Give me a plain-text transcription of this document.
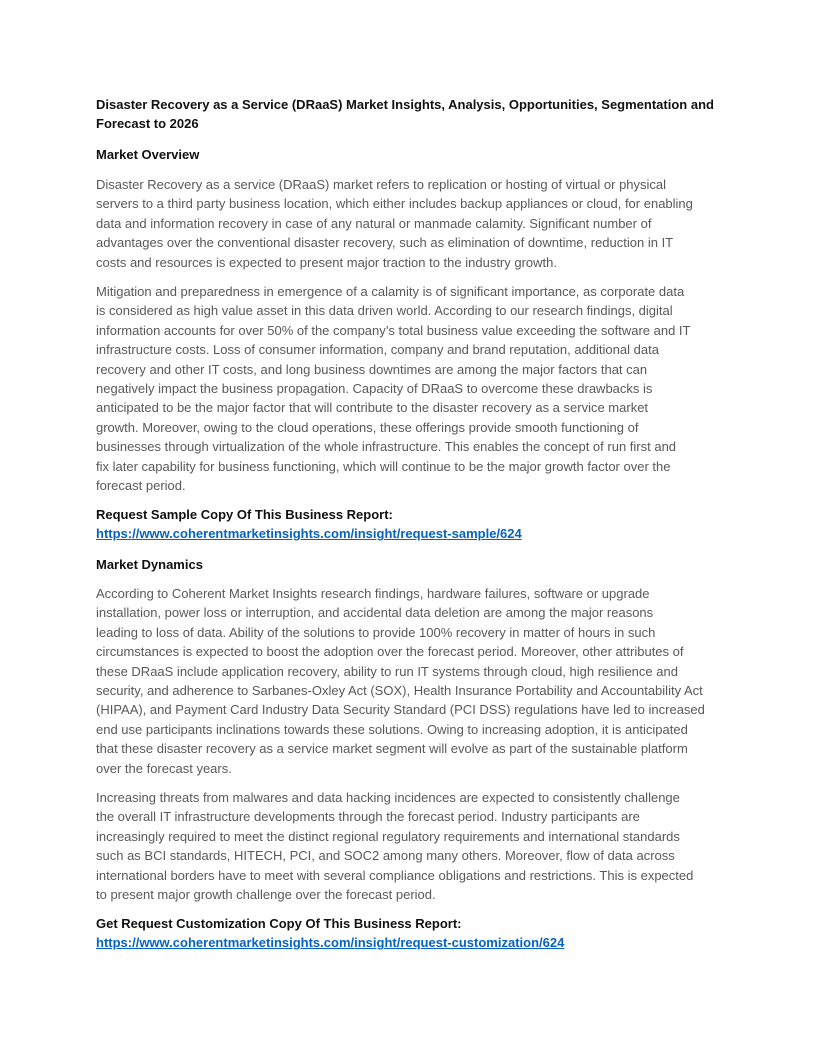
Disaster Recovery as a Service (DRaaS) Market Insights, Analysis, Opportunities, Segmentation and
Forecast to 2026
Market Overview
Disaster Recovery as a service (DRaaS) market refers to replication or hosting of virtual or physical
servers to a third party business location, which either includes backup appliances or cloud, for enabling
data and information recovery in case of any natural or manmade calamity. Significant number of
advantages over the conventional disaster recovery, such as elimination of downtime, reduction in IT
costs and resources is expected to present major traction to the industry growth.
Mitigation and preparedness in emergence of a calamity is of significant importance, as corporate data
is considered as high value asset in this data driven world. According to our research findings, digital
information accounts for over 50% of the company’s total business value exceeding the software and IT
infrastructure costs. Loss of consumer information, company and brand reputation, additional data
recovery and other IT costs, and long business downtimes are among the major factors that can
negatively impact the business propagation. Capacity of DRaaS to overcome these drawbacks is
anticipated to be the major factor that will contribute to the disaster recovery as a service market
growth. Moreover, owing to the cloud operations, these offerings provide smooth functioning of
businesses through virtualization of the whole infrastructure. This enables the concept of run first and
fix later capability for business functioning, which will continue to be the major growth factor over the
forecast period.
Request Sample Copy Of This Business Report:
https://www.coherentmarketinsights.com/insight/request-sample/624
Market Dynamics
According to Coherent Market Insights research findings, hardware failures, software or upgrade
installation, power loss or interruption, and accidental data deletion are among the major reasons
leading to loss of data. Ability of the solutions to provide 100% recovery in matter of hours in such
circumstances is expected to boost the adoption over the forecast period. Moreover, other attributes of
these DRaaS include application recovery, ability to run IT systems through cloud, high resilience and
security, and adherence to Sarbanes-Oxley Act (SOX), Health Insurance Portability and Accountability Act
(HIPAA), and Payment Card Industry Data Security Standard (PCI DSS) regulations have led to increased
end use participants inclinations towards these solutions. Owing to increasing adoption, it is anticipated
that these disaster recovery as a service market segment will evolve as part of the sustainable platform
over the forecast years.
Increasing threats from malwares and data hacking incidences are expected to consistently challenge
the overall IT infrastructure developments through the forecast period. Industry participants are
increasingly required to meet the distinct regional regulatory requirements and international standards
such as BCI standards, HITECH, PCI, and SOC2 among many others. Moreover, flow of data across
international borders have to meet with several compliance obligations and restrictions. This is expected
to present major growth challenge over the forecast period.
Get Request Customization Copy Of This Business Report:
https://www.coherentmarketinsights.com/insight/request-customization/624
